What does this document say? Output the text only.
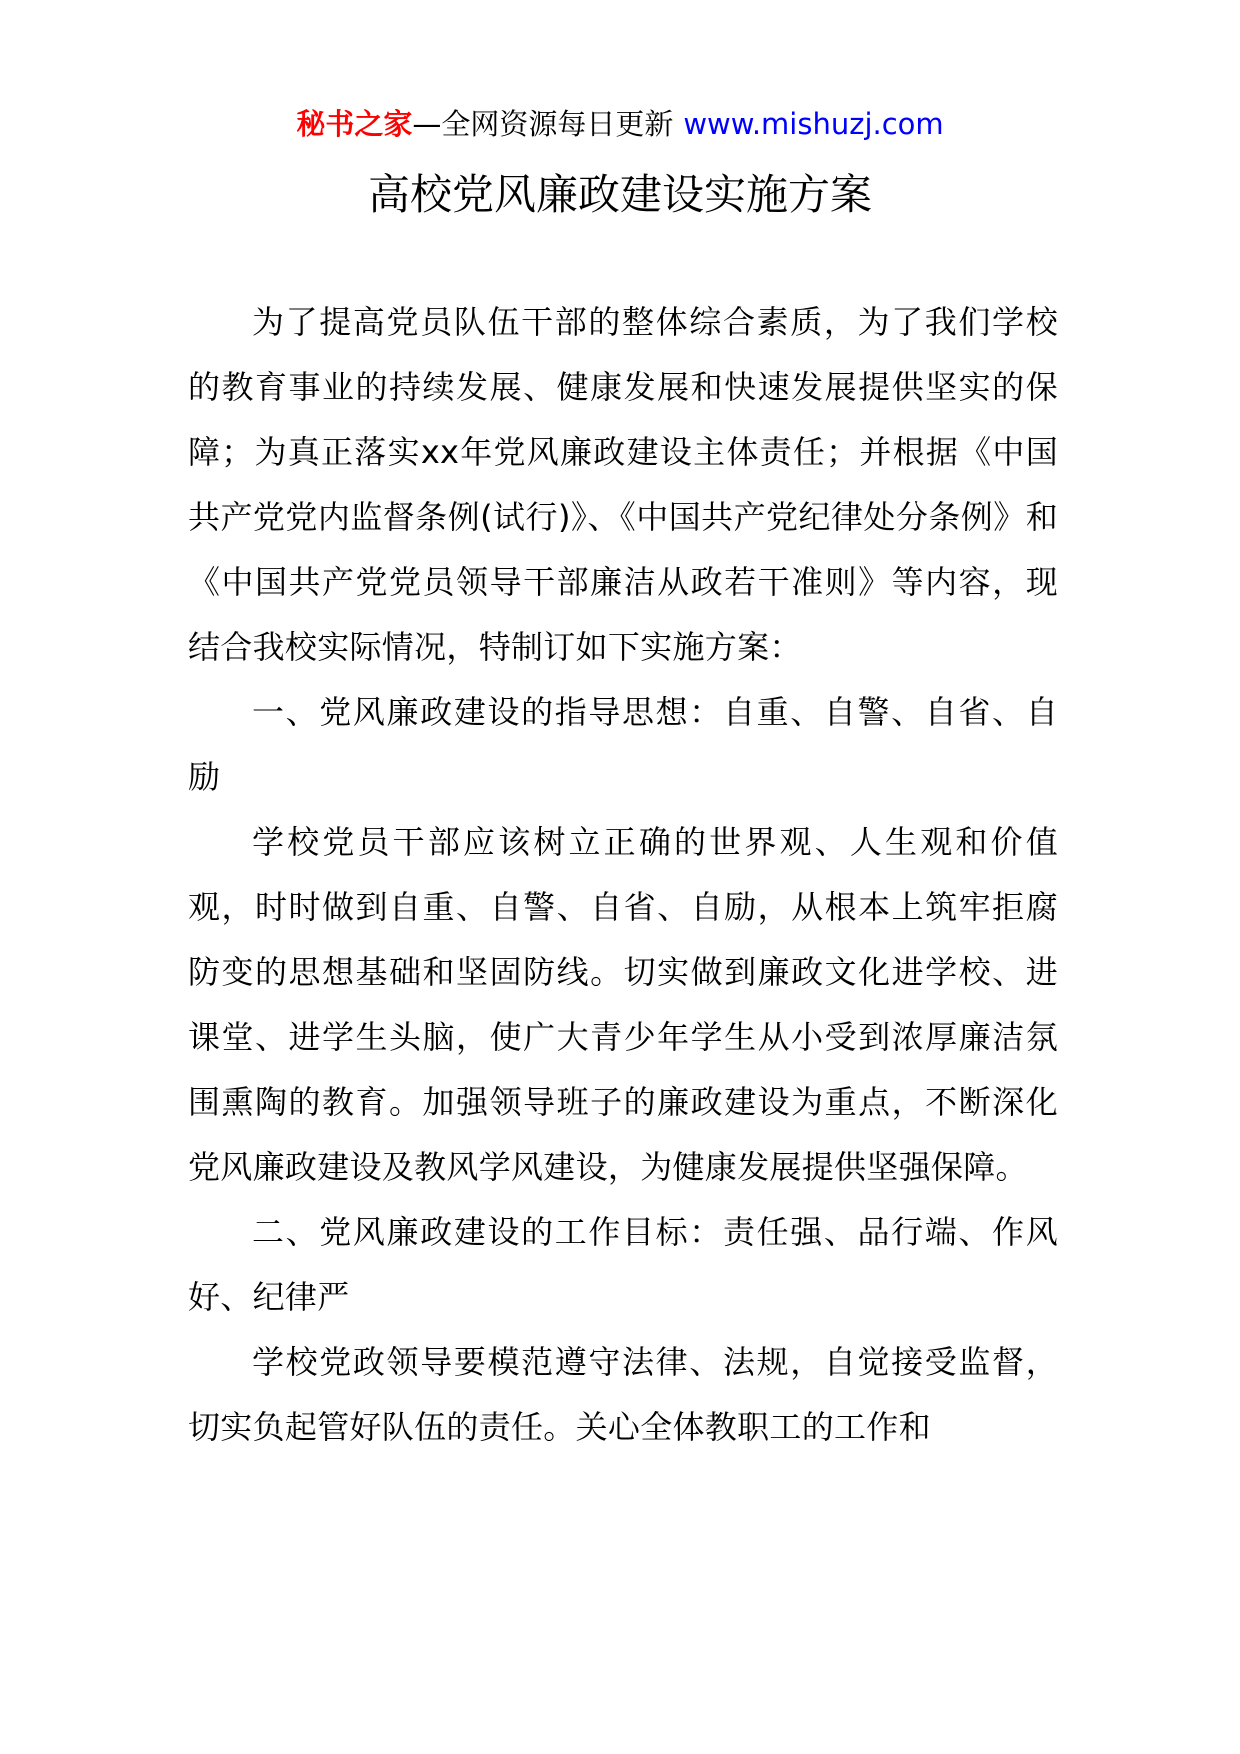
秘书之家—全网资源每日更新 www.mishuzj.com
高校党风廉政建设实施方案

为了提高党员队伍干部的整体综合素质，为了我们学校的教育事业的持续发展、健康发展和快速发展提供坚实的保障；为真正落实xx年党风廉政建设主体责任；并根据《中国共产党党内监督条例(试行)》、《中国共产党纪律处分条例》和《中国共产党党员领导干部廉洁从政若干准则》等内容，现结合我校实际情况，特制订如下实施方案：

一、党风廉政建设的指导思想：自重、自警、自省、自励

学校党员干部应该树立正确的世界观、人生观和价值观，时时做到自重、自警、自省、自励，从根本上筑牢拒腐防变的思想基础和坚固防线。切实做到廉政文化进学校、进课堂、进学生头脑，使广大青少年学生从小受到浓厚廉洁氛围熏陶的教育。加强领导班子的廉政建设为重点，不断深化党风廉政建设及教风学风建设，为健康发展提供坚强保障。

二、党风廉政建设的工作目标：责任强、品行端、作风好、纪律严

学校党政领导要模范遵守法律、法规，自觉接受监督，切实负起管好队伍的责任。关心全体教职工的工作和
